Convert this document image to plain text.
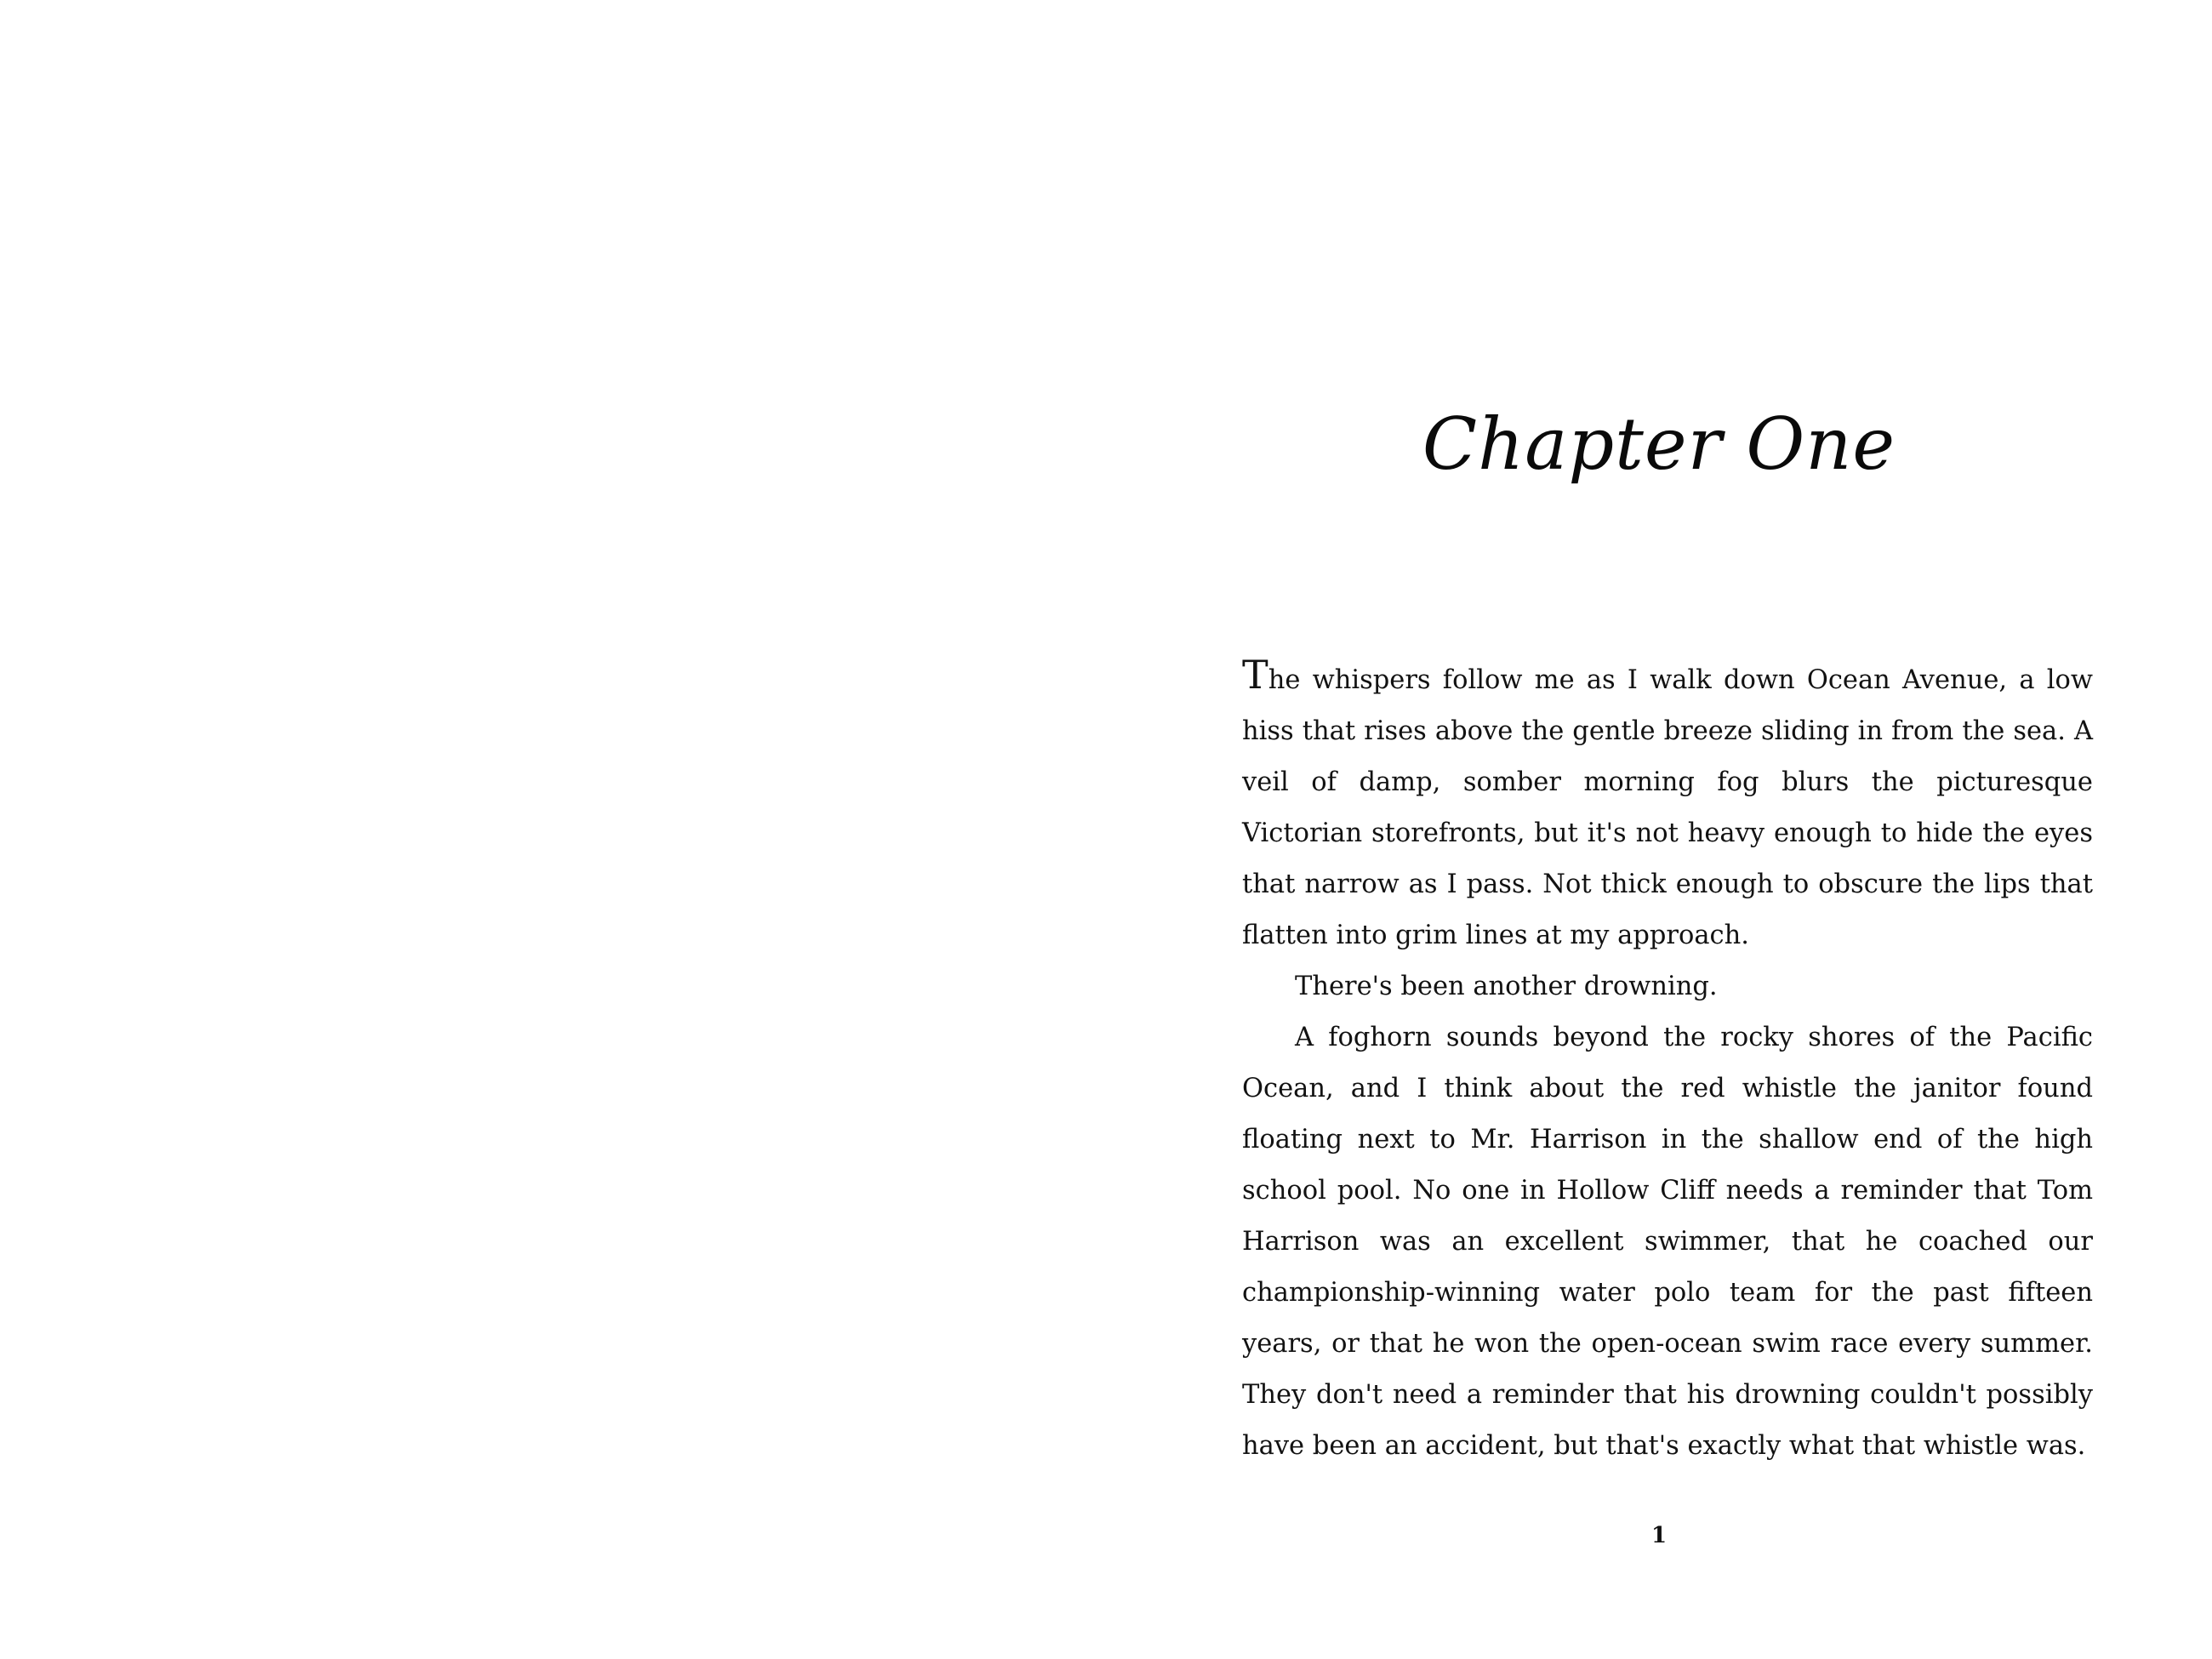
Chapter One

The whispers follow me as I walk down Ocean Avenue, a low hiss that rises above the gentle breeze sliding in from the sea. A veil of damp, somber morning fog blurs the picturesque Victorian storefronts, but it's not heavy enough to hide the eyes that narrow as I pass. Not thick enough to obscure the lips that flatten into grim lines at my approach.

There's been another drowning.

A foghorn sounds beyond the rocky shores of the Pacific Ocean, and I think about the red whistle the janitor found floating next to Mr. Harrison in the shallow end of the high school pool. No one in Hollow Cliff needs a reminder that Tom Harrison was an excellent swimmer, that he coached our championship-winning water polo team for the past fifteen years, or that he won the open-ocean swim race every summer. They don't need a reminder that his drowning couldn't possibly have been an accident, but that's exactly what that whistle was.

1
